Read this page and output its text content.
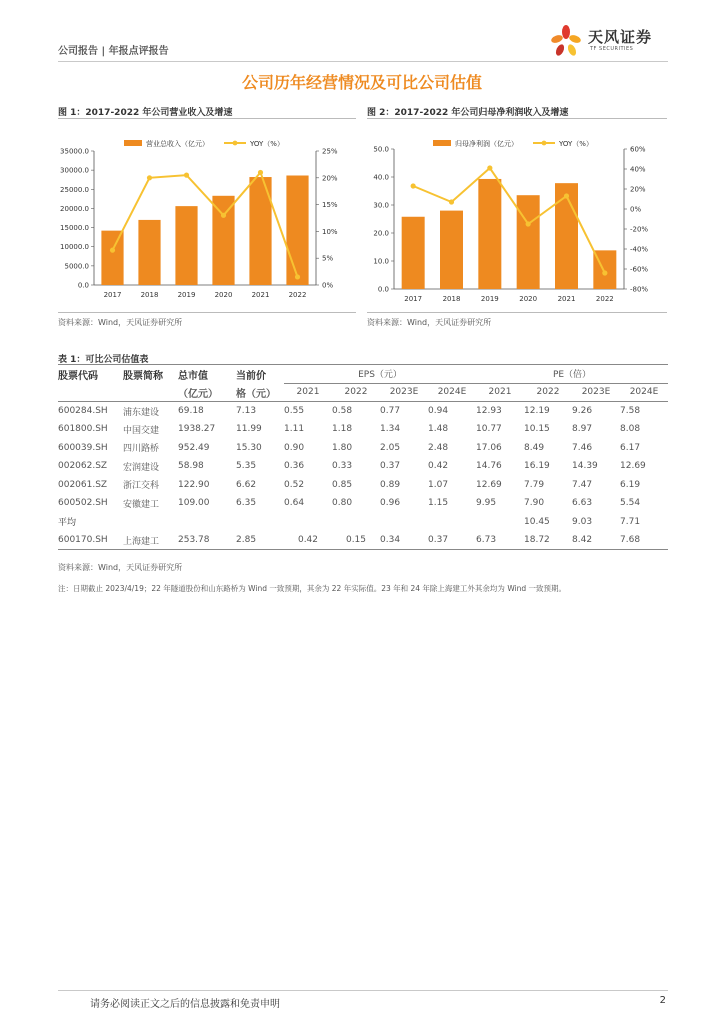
公司报告 | 年报点评报告
天风证券
TF SECURITIES
公司历年经营情况及可比公司估值
图 1：2017-2022 年公司营业收入及增速	图 2：2017-2022 年公司归母净利润收入及增速
0.0
5000.0
10000.0
15000.0
20000.0
25000.0
30000.0
35000.0
0%
5%
10%
15%
20%
25%
2017	2018	2019	2020	2021	2022
营业总收入（亿元）	YOY（%）
0.0
10.0
20.0
30.0
40.0
50.0
-80%
-60%
-40%
-20%
0%
20%
40%
60%
2017	2018	2019	2020	2021	2022
归母净利润（亿元）	YOY（%）
资料来源：Wind，天风证券研究所	资料来源：Wind，天风证券研究所
表 1：可比公司估值表
股票代码	股票简称	总市值	当前价	EPS（元）				PE（倍）			
		（亿元）	格（元）	2021	2022	2023E	2024E	2021	2022	2023E	2024E
600284.SH	浦东建设	69.18	7.13	0.55	0.58	0.77	0.94	12.93	12.19	9.26	7.58
601800.SH	中国交建	1938.27	11.99	1.11	1.18	1.34	1.48	10.77	10.15	8.97	8.08
600039.SH	四川路桥	952.49	15.30	0.90	1.80	2.05	2.48	17.06	8.49	7.46	6.17
002062.SZ	宏润建设	58.98	5.35	0.36	0.33	0.37	0.42	14.76	16.19	14.39	12.69
002061.SZ	浙江交科	122.90	6.62	0.52	0.85	0.89	1.07	12.69	7.79	7.47	6.19
600502.SH	安徽建工	109.00	6.35	0.64	0.80	0.96	1.15	9.95	7.90	6.63	5.54
平均									10.45	9.03	7.71
600170.SH	上海建工	253.78	2.85	0.42	0.15	0.34	0.37	6.73	18.72	8.42	7.68
资料来源：Wind，天风证券研究所
注：日期截止 2023/4/19；22 年隧道股份和山东路桥为 Wind 一致预期，其余为 22 年实际值。23 年和 24 年除上海建工外其余均为 Wind 一致预期。
请务必阅读正文之后的信息披露和免责申明	2
